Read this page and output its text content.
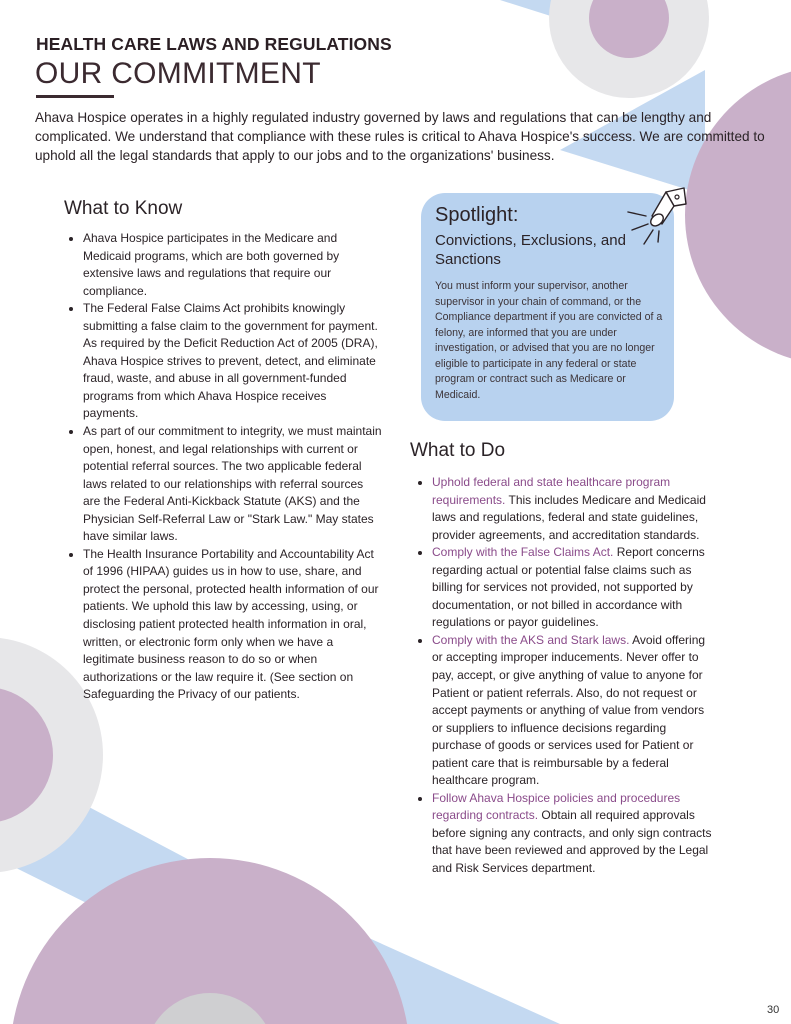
HEALTH CARE LAWS AND REGULATIONS
OUR COMMITMENT
Ahava Hospice operates in a highly regulated industry governed by laws and regulations that can be lengthy and complicated. We understand that compliance with these rules is critical to Ahava Hospice's success. We are committed to uphold all the legal standards that apply to our jobs and to the organizations' business.
What to Know
• Ahava Hospice participates in the Medicare and Medicaid programs, which are both governed by extensive laws and regulations that require our compliance.
• The Federal False Claims Act prohibits knowingly submitting a false claim to the government for payment. As required by the Deficit Reduction Act of 2005 (DRA), Ahava Hospice strives to prevent, detect, and eliminate fraud, waste, and abuse in all government-funded programs from which Ahava Hospice receives payments.
• As part of our commitment to integrity, we must maintain open, honest, and legal relationships with current or potential referral sources. The two applicable federal laws related to our relationships with referral sources are the Federal Anti-Kickback Statute (AKS) and the Physician Self-Referral Law or "Stark Law." May states have similar laws.
• The Health Insurance Portability and Accountability Act of 1996 (HIPAA) guides us in how to use, share, and protect the personal, protected health information of our patients. We uphold this law by accessing, using, or disclosing patient protected health information in oral, written, or electronic form only when we have a legitimate business reason to do so or when authorizations or the law require it. (See section on Safeguarding the Privacy of our patients.
Spotlight:
Convictions, Exclusions, and Sanctions
You must inform your supervisor, another supervisor in your chain of command, or the Compliance department if you are convicted of a felony, are informed that you are under investigation, or advised that you are no longer eligible to participate in any federal or state program or contract such as Medicare or Medicaid.
What to Do
• Uphold federal and state healthcare program requirements. This includes Medicare and Medicaid laws and regulations, federal and state guidelines, provider agreements, and accreditation standards.
• Comply with the False Claims Act. Report concerns regarding actual or potential false claims such as billing for services not provided, not supported by documentation, or not billed in accordance with regulations or payor guidelines.
• Comply with the AKS and Stark laws. Avoid offering or accepting improper inducements. Never offer to pay, accept, or give anything of value to anyone for Patient or patient referrals. Also, do not request or accept payments or anything of value from vendors or suppliers to influence decisions regarding purchase of goods or services used for Patient or patient care that is reimbursable by a federal healthcare program.
• Follow Ahava Hospice policies and procedures regarding contracts. Obtain all required approvals before signing any contracts, and only sign contracts that have been reviewed and approved by the Legal and Risk Services department.
30
